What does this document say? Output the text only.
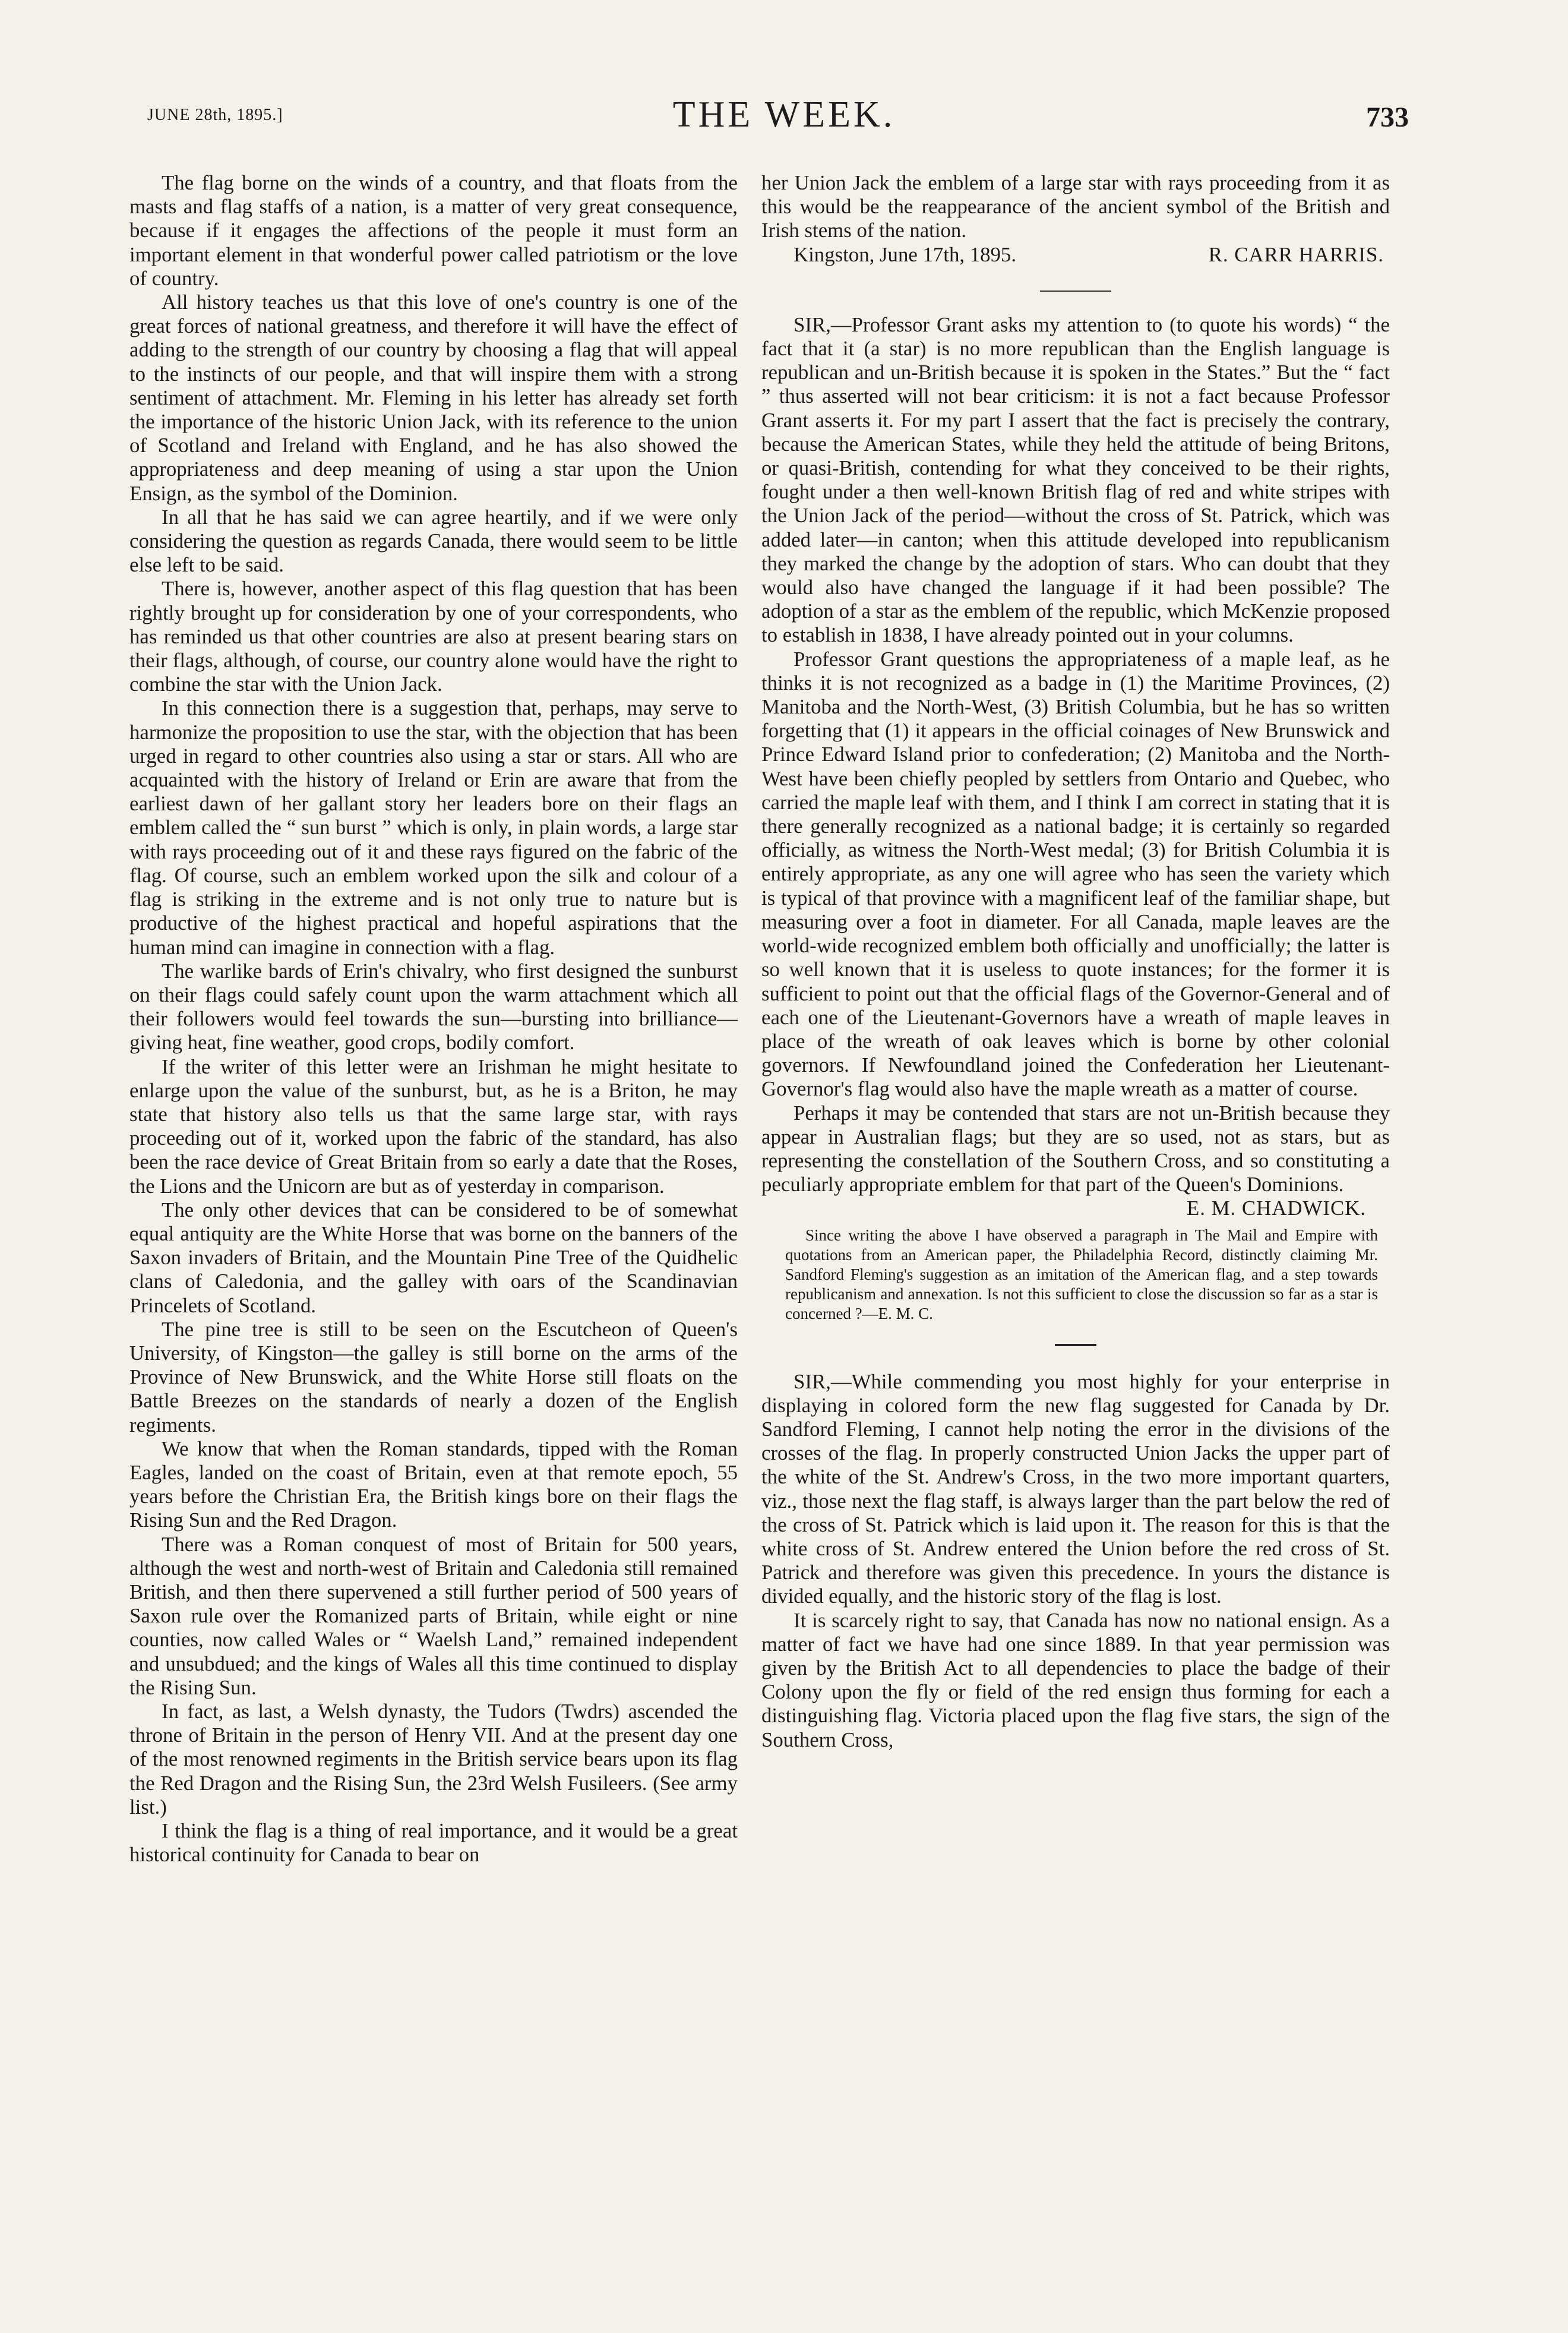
JUNE 28th, 1895.]	THE WEEK.	733

The flag borne on the winds of a country, and that floats from the masts and flag staffs of a nation, is a matter of very great consequence, because if it engages the affections of the people it must form an important element in that wonderful power called patriotism or the love of country.

All history teaches us that this love of one's country is one of the great forces of national greatness, and therefore it will have the effect of adding to the strength of our country by choosing a flag that will appeal to the instincts of our people, and that will inspire them with a strong sentiment of attachment. Mr. Fleming in his letter has already set forth the importance of the historic Union Jack, with its reference to the union of Scotland and Ireland with England, and he has also showed the appropriateness and deep meaning of using a star upon the Union Ensign, as the symbol of the Dominion.

In all that he has said we can agree heartily, and if we were only considering the question as regards Canada, there would seem to be little else left to be said.

There is, however, another aspect of this flag question that has been rightly brought up for consideration by one of your correspondents, who has reminded us that other countries are also at present bearing stars on their flags, although, of course, our country alone would have the right to combine the star with the Union Jack.

In this connection there is a suggestion that, perhaps, may serve to harmonize the proposition to use the star, with the objection that has been urged in regard to other countries also using a star or stars. All who are acquainted with the history of Ireland or Erin are aware that from the earliest dawn of her gallant story her leaders bore on their flags an emblem called the “ sun burst ” which is only, in plain words, a large star with rays proceeding out of it and these rays figured on the fabric of the flag. Of course, such an emblem worked upon the silk and colour of a flag is striking in the extreme and is not only true to nature but is productive of the highest practical and hopeful aspirations that the human mind can imagine in connection with a flag.

The warlike bards of Erin's chivalry, who first designed the sunburst on their flags could safely count upon the warm attachment which all their followers would feel towards the sun—bursting into brilliance—giving heat, fine weather, good crops, bodily comfort.

If the writer of this letter were an Irishman he might hesitate to enlarge upon the value of the sunburst, but, as he is a Briton, he may state that history also tells us that the same large star, with rays proceeding out of it, worked upon the fabric of the standard, has also been the race device of Great Britain from so early a date that the Roses, the Lions and the Unicorn are but as of yesterday in comparison.

The only other devices that can be considered to be of somewhat equal antiquity are the White Horse that was borne on the banners of the Saxon invaders of Britain, and the Mountain Pine Tree of the Quidhelic clans of Caledonia, and the galley with oars of the Scandinavian Princelets of Scotland.

The pine tree is still to be seen on the Escutcheon of Queen's University, of Kingston—the galley is still borne on the arms of the Province of New Brunswick, and the White Horse still floats on the Battle Breezes on the standards of nearly a dozen of the English regiments.

We know that when the Roman standards, tipped with the Roman Eagles, landed on the coast of Britain, even at that remote epoch, 55 years before the Christian Era, the British kings bore on their flags the Rising Sun and the Red Dragon.

There was a Roman conquest of most of Britain for 500 years, although the west and north-west of Britain and Caledonia still remained British, and then there supervened a still further period of 500 years of Saxon rule over the Romanized parts of Britain, while eight or nine counties, now called Wales or “ Waelsh Land,” remained independent and unsubdued; and the kings of Wales all this time continued to display the Rising Sun.

In fact, as last, a Welsh dynasty, the Tudors (Twdrs) ascended the throne of Britain in the person of Henry VII. And at the present day one of the most renowned regiments in the British service bears upon its flag the Red Dragon and the Rising Sun, the 23rd Welsh Fusileers. (See army list.)

I think the flag is a thing of real importance, and it would be a great historical continuity for Canada to bear on

her Union Jack the emblem of a large star with rays proceeding from it as this would be the reappearance of the ancient symbol of the British and Irish stems of the nation.

Kingston, June 17th, 1895.	R. CARR HARRIS.

SIR,—Professor Grant asks my attention to (to quote his words) “ the fact that it (a star) is no more republican than the English language is republican and un-British because it is spoken in the States.” But the “ fact ” thus asserted will not bear criticism: it is not a fact because Professor Grant asserts it. For my part I assert that the fact is precisely the contrary, because the American States, while they held the attitude of being Britons, or quasi-British, contending for what they conceived to be their rights, fought under a then well-known British flag of red and white stripes with the Union Jack of the period—without the cross of St. Patrick, which was added later—in canton; when this attitude developed into republicanism they marked the change by the adoption of stars. Who can doubt that they would also have changed the language if it had been possible? The adoption of a star as the emblem of the republic, which McKenzie proposed to establish in 1838, I have already pointed out in your columns.

Professor Grant questions the appropriateness of a maple leaf, as he thinks it is not recognized as a badge in (1) the Maritime Provinces, (2) Manitoba and the North-West, (3) British Columbia, but he has so written forgetting that (1) it appears in the official coinages of New Brunswick and Prince Edward Island prior to confederation; (2) Manitoba and the North-West have been chiefly peopled by settlers from Ontario and Quebec, who carried the maple leaf with them, and I think I am correct in stating that it is there generally recognized as a national badge; it is certainly so regarded officially, as witness the North-West medal; (3) for British Columbia it is entirely appropriate, as any one will agree who has seen the variety which is typical of that province with a magnificent leaf of the familiar shape, but measuring over a foot in diameter. For all Canada, maple leaves are the world-wide recognized emblem both officially and unofficially; the latter is so well known that it is useless to quote instances; for the former it is sufficient to point out that the official flags of the Governor-General and of each one of the Lieutenant-Governors have a wreath of maple leaves in place of the wreath of oak leaves which is borne by other colonial governors. If Newfoundland joined the Confederation her Lieutenant-Governor's flag would also have the maple wreath as a matter of course.

Perhaps it may be contended that stars are not un-British because they appear in Australian flags; but they are so used, not as stars, but as representing the constellation of the Southern Cross, and so constituting a peculiarly appropriate emblem for that part of the Queen's Dominions.

E. M. CHADWICK.

Since writing the above I have observed a paragraph in The Mail and Empire with quotations from an American paper, the Philadelphia Record, distinctly claiming Mr. Sandford Fleming's suggestion as an imitation of the American flag, and a step towards republicanism and annexation. Is not this sufficient to close the discussion so far as a star is concerned ?—E. M. C.

SIR,—While commending you most highly for your enterprise in displaying in colored form the new flag suggested for Canada by Dr. Sandford Fleming, I cannot help noting the error in the divisions of the crosses of the flag. In properly constructed Union Jacks the upper part of the white of the St. Andrew's Cross, in the two more important quarters, viz., those next the flag staff, is always larger than the part below the red of the cross of St. Patrick which is laid upon it. The reason for this is that the white cross of St. Andrew entered the Union before the red cross of St. Patrick and therefore was given this precedence. In yours the distance is divided equally, and the historic story of the flag is lost.

It is scarcely right to say, that Canada has now no national ensign. As a matter of fact we have had one since 1889. In that year permission was given by the British Act to all dependencies to place the badge of their Colony upon the fly or field of the red ensign thus forming for each a distinguishing flag. Victoria placed upon the flag five stars, the sign of the Southern Cross,
